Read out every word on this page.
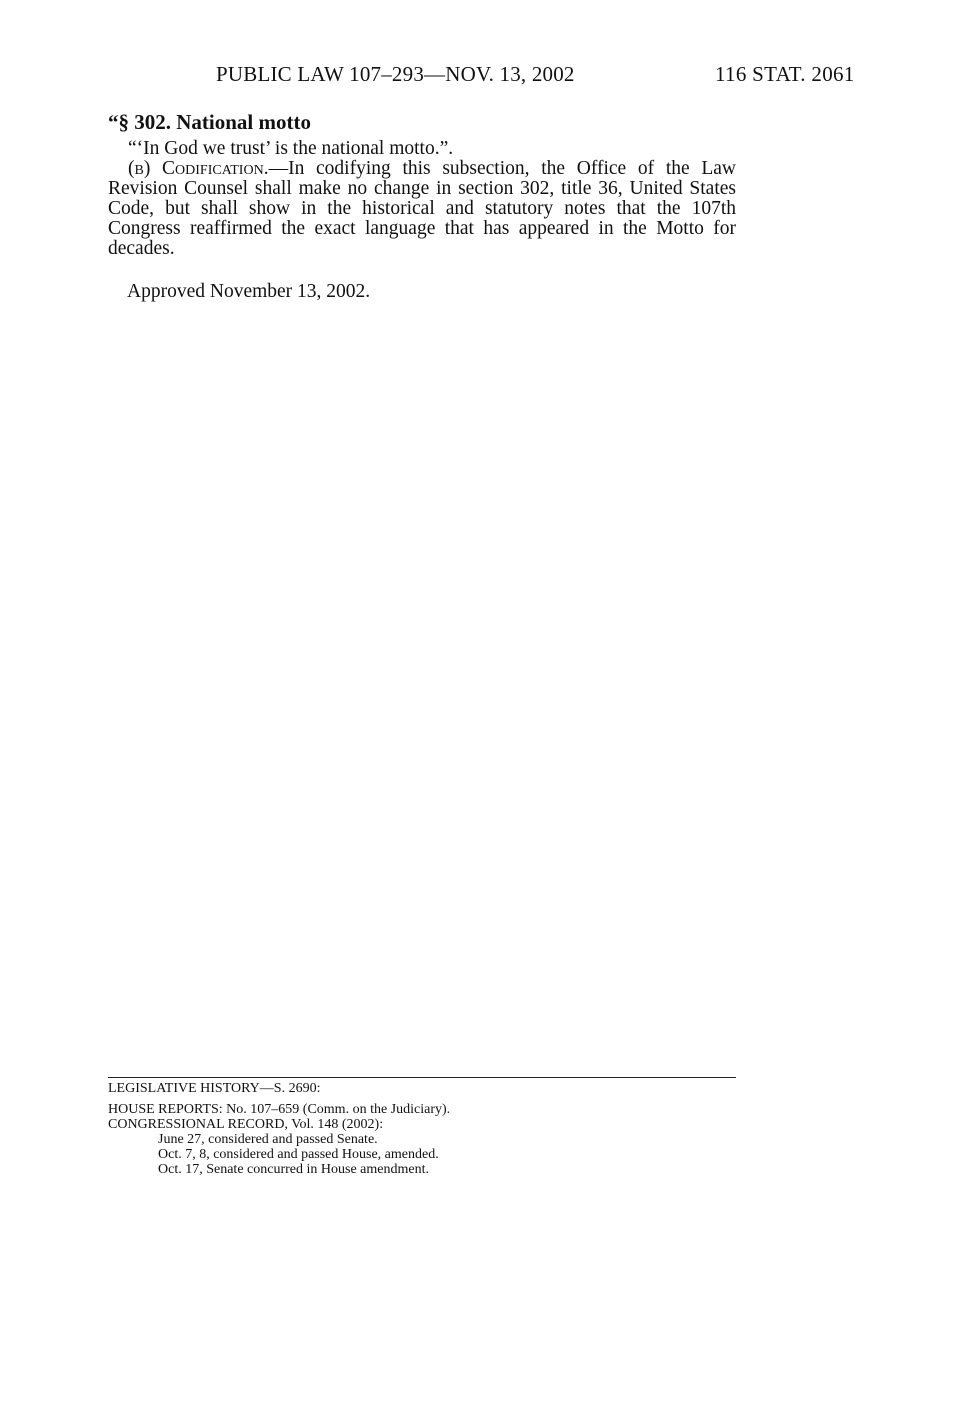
PUBLIC LAW 107–293—NOV. 13, 2002	116 STAT. 2061
“§ 302. National motto

“‘In God we trust’ is the national motto.”.

(b) Codification.—In codifying this subsection, the Office of the Law Revision Counsel shall make no change in section 302, title 36, United States Code, but shall show in the historical and statutory notes that the 107th Congress reaffirmed the exact language that has appeared in the Motto for decades.

Approved November 13, 2002.

LEGISLATIVE HISTORY—S. 2690:

HOUSE REPORTS: No. 107–659 (Comm. on the Judiciary).

CONGRESSIONAL RECORD, Vol. 148 (2002):

June 27, considered and passed Senate.

Oct. 7, 8, considered and passed House, amended.

Oct. 17, Senate concurred in House amendment.
